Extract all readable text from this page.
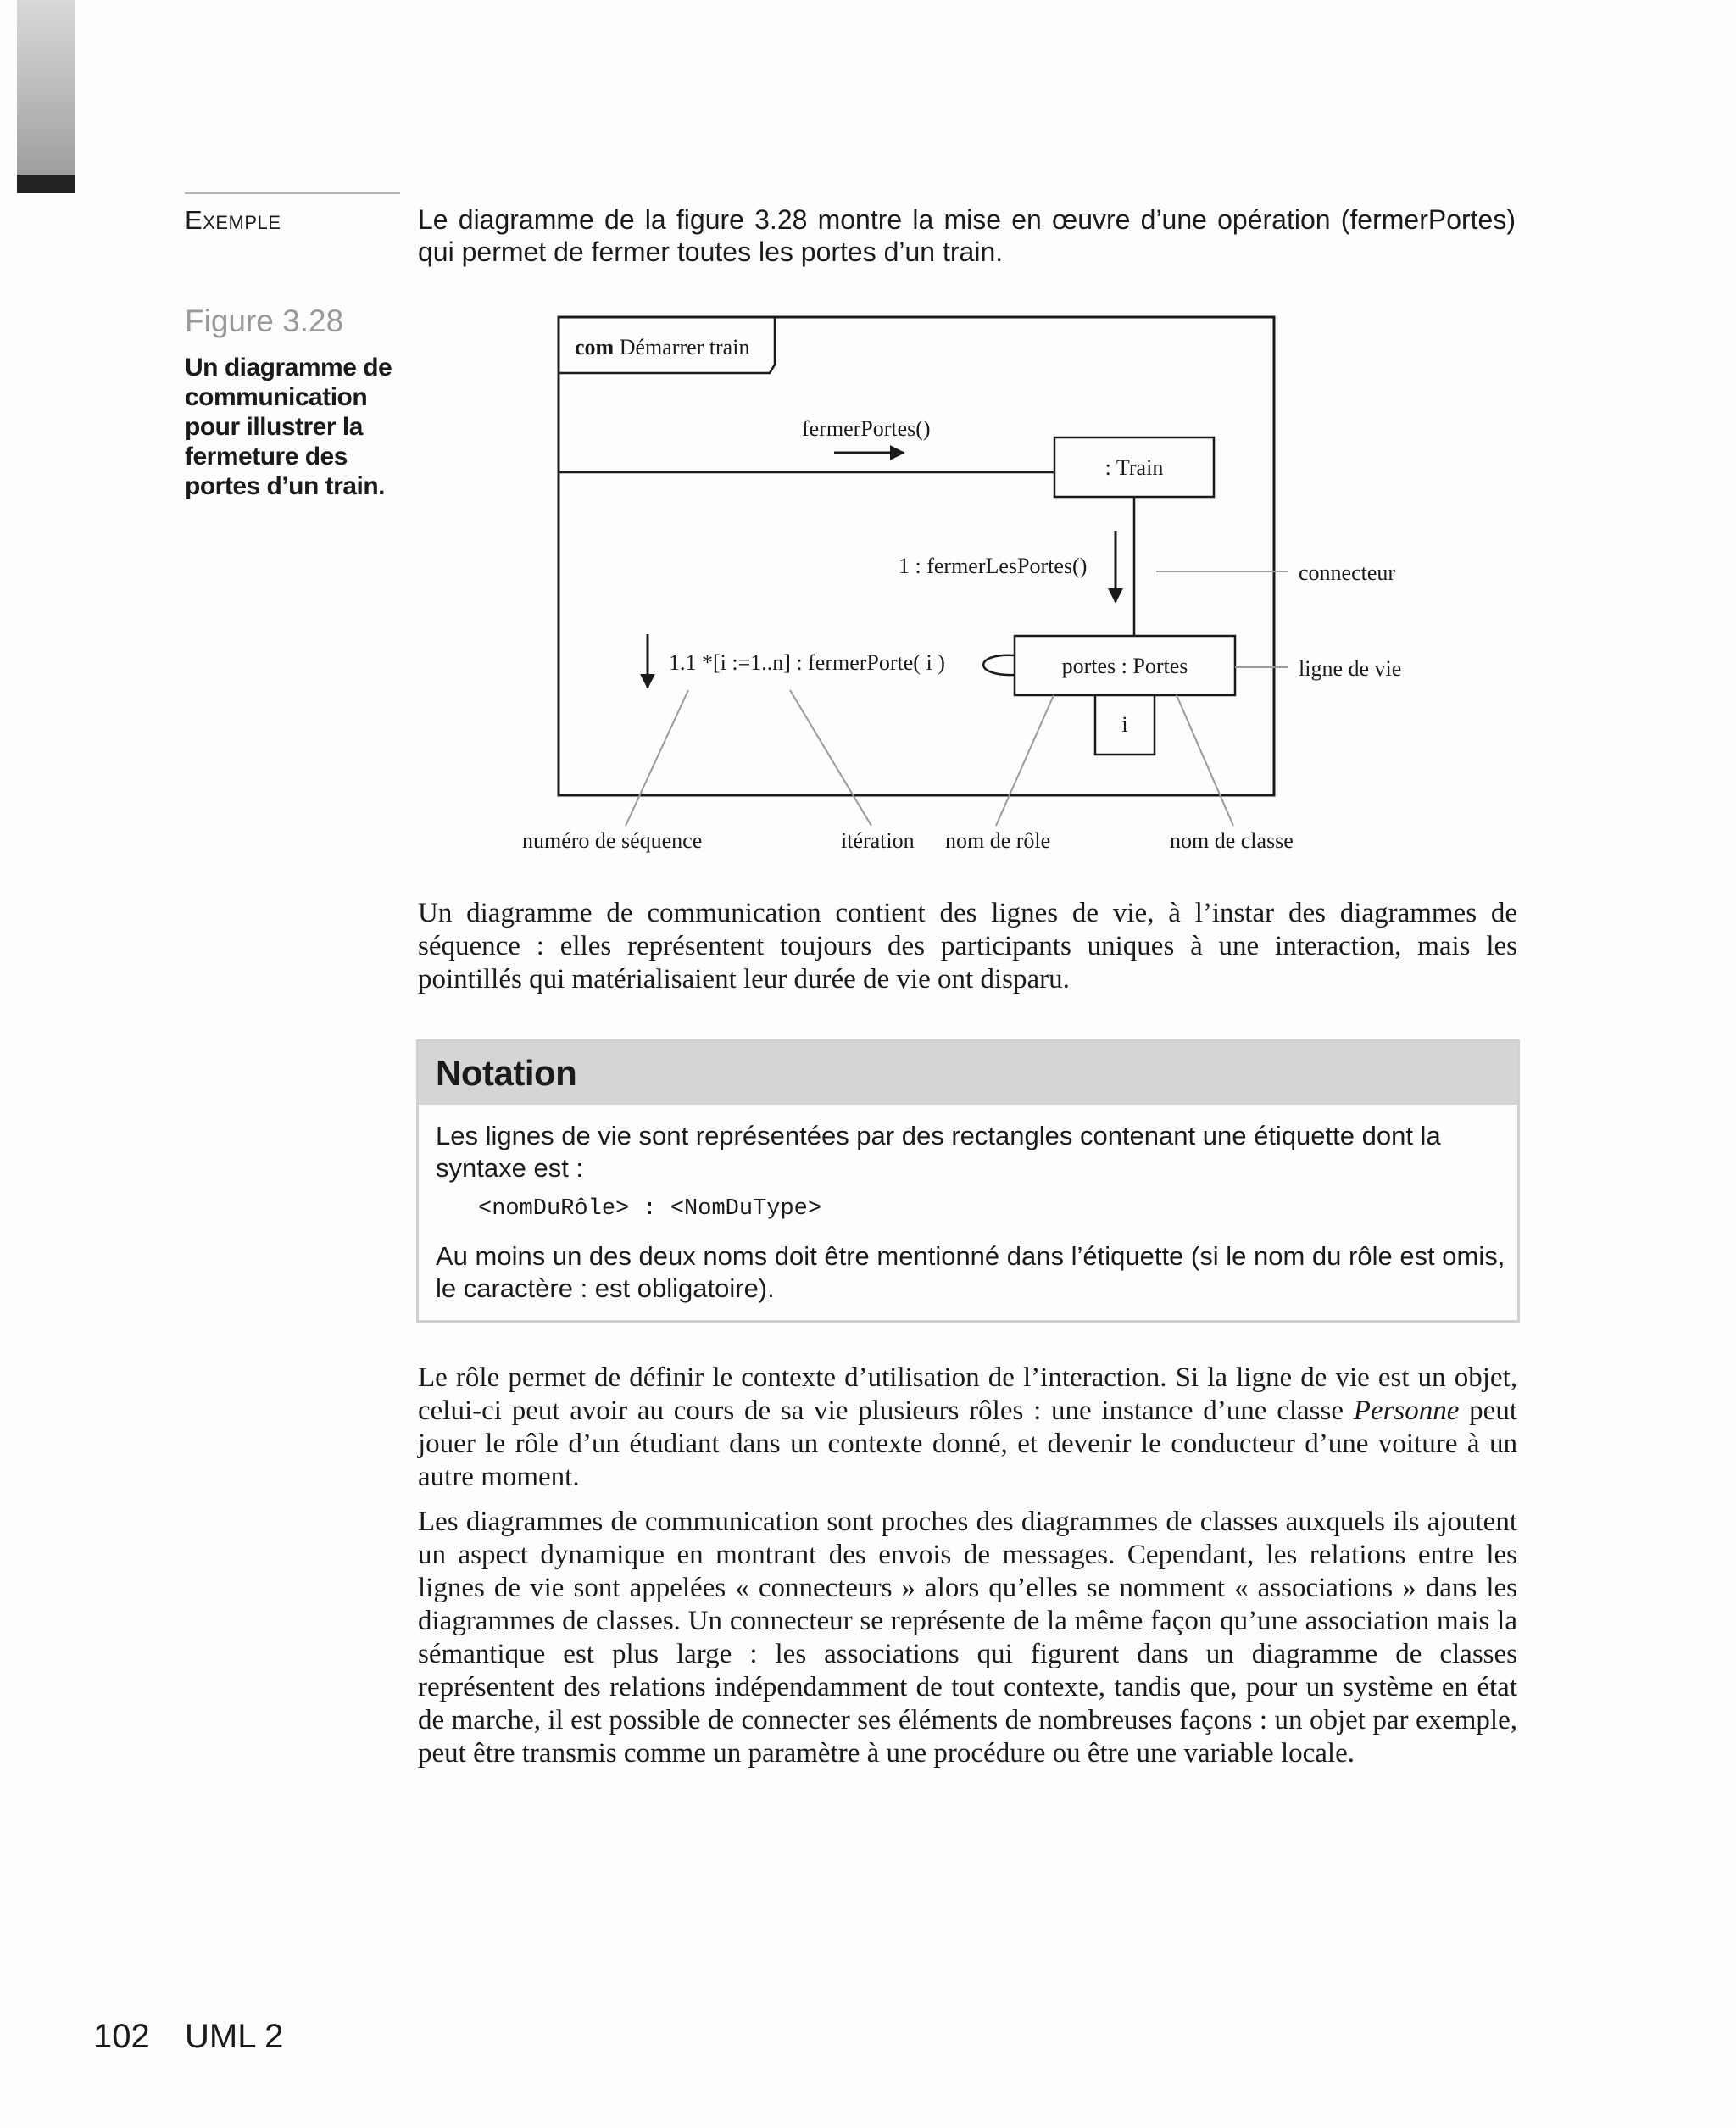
Exemple	Le diagramme de la figure 3.28 montre la mise en œuvre d’une opération (fermerPortes) qui permet de fermer toutes les portes d’un train.
Figure 3.28
Un diagramme de communication pour illustrer la fermeture des portes d’un train.
com Démarrer train
fermerPortes()
: Train
1 : fermerLesPortes()	connecteur
1.1 *[i :=1..n] : fermerPorte( i )	portes : Portes
i
ligne de vie
numéro de séquence	itération nom de rôle	nom de classe

Un diagramme de communication contient des lignes de vie, à l’instar des diagrammes de séquence : elles représentent toujours des participants uniques à une interaction, mais les pointillés qui matérialisaient leur durée de vie ont disparu.

Notation
Les lignes de vie sont représentées par des rectangles contenant une étiquette dont la syntaxe est :
<nomDuRôle> : <NomDuType>
Au moins un des deux noms doit être mentionné dans l’étiquette (si le nom du rôle est omis, le caractère : est obligatoire).

Le rôle permet de définir le contexte d’utilisation de l’interaction. Si la ligne de vie est un objet, celui-ci peut avoir au cours de sa vie plusieurs rôles : une instance d’une classe Personne peut jouer le rôle d’un étudiant dans un contexte donné, et devenir le conducteur d’une voiture à un autre moment.

Les diagrammes de communication sont proches des diagrammes de classes auxquels ils ajoutent un aspect dynamique en montrant des envois de messages. Cependant, les relations entre les lignes de vie sont appelées « connecteurs » alors qu’elles se nomment « associations » dans les diagrammes de classes. Un connecteur se représente de la même façon qu’une association mais la sémantique est plus large : les associations qui figurent dans un diagramme de classes représentent des relations indépendamment de tout contexte, tandis que, pour un système en état de marche, il est possible de connecter ses éléments de nombreuses façons : un objet par exemple, peut être transmis comme un paramètre à une procédure ou être une variable locale.

102 UML 2
